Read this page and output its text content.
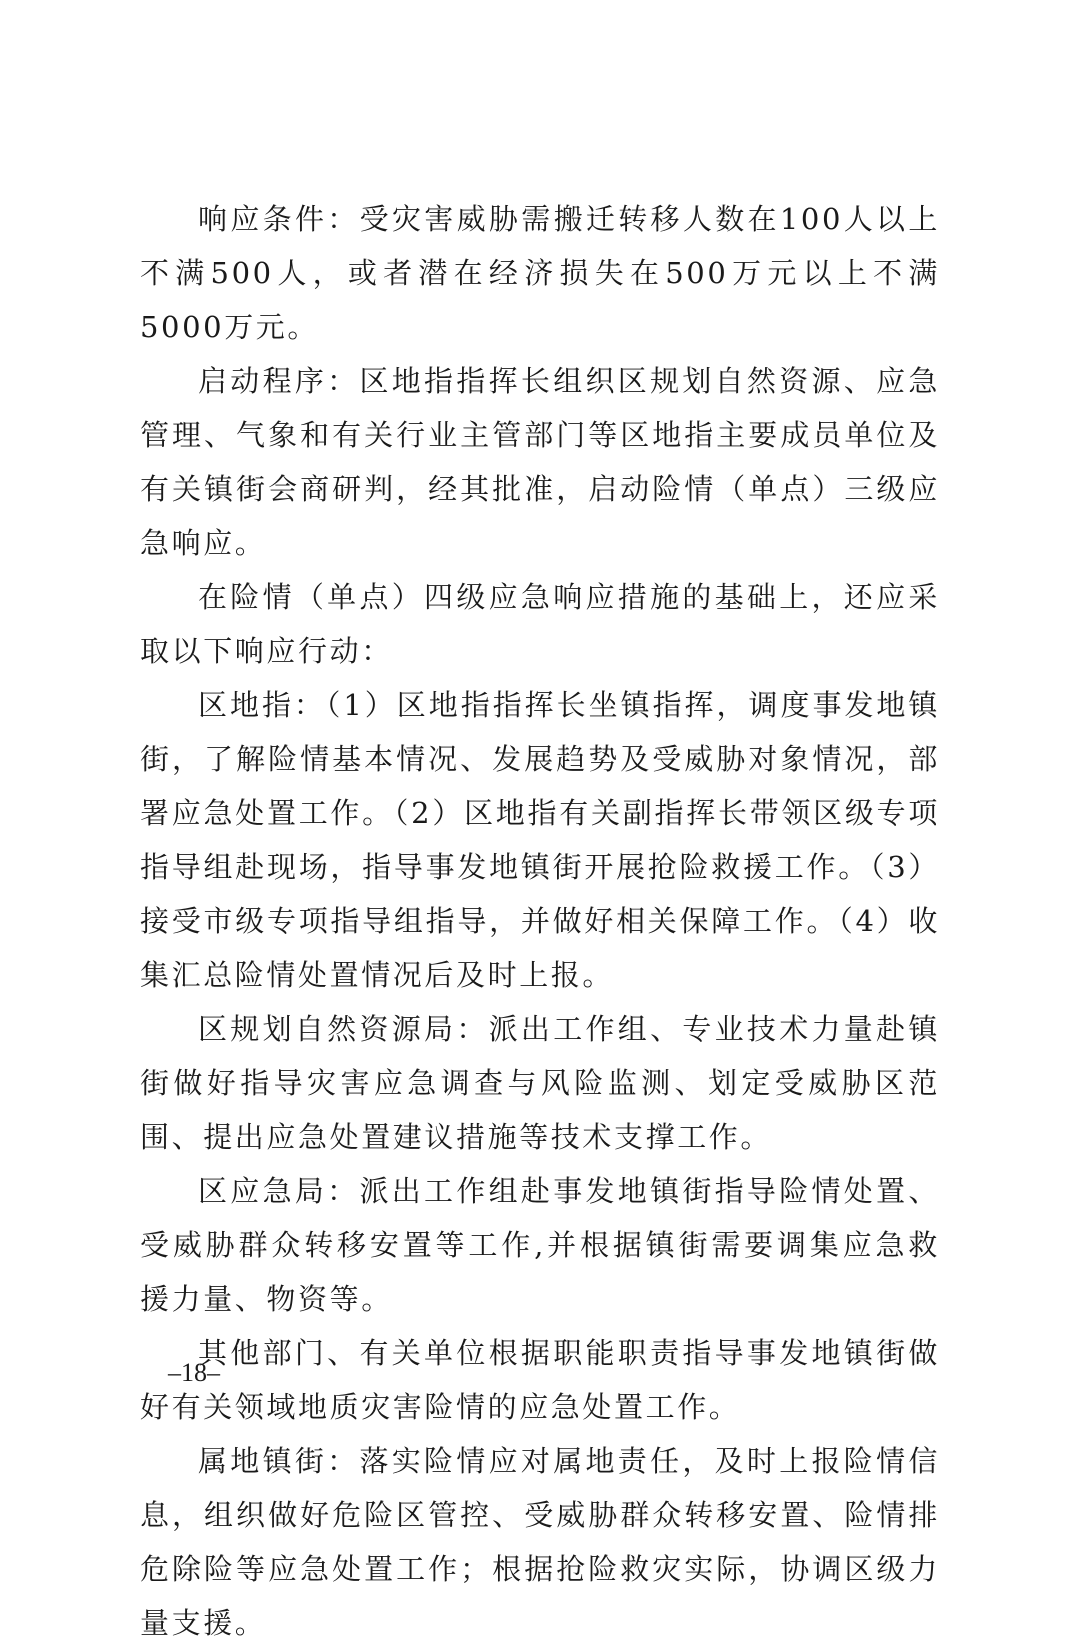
响应条件：受灾害威胁需搬迁转移人数在100人以上不满500人，或者潜在经济损失在500万元以上不满5000万元。

启动程序：区地指指挥长组织区规划自然资源、应急管理、气象和有关行业主管部门等区地指主要成员单位及有关镇街会商研判，经其批准，启动险情（单点）三级应急响应。

在险情（单点）四级应急响应措施的基础上，还应采取以下响应行动：

区地指：（1）区地指指挥长坐镇指挥，调度事发地镇街，了解险情基本情况、发展趋势及受威胁对象情况，部署应急处置工作。（2）区地指有关副指挥长带领区级专项指导组赴现场，指导事发地镇街开展抢险救援工作。（3）接受市级专项指导组指导，并做好相关保障工作。（4）收集汇总险情处置情况后及时上报。

区规划自然资源局：派出工作组、专业技术力量赴镇街做好指导灾害应急调查与风险监测、划定受威胁区范围、提出应急处置建议措施等技术支撑工作。

区应急局：派出工作组赴事发地镇街指导险情处置、受威胁群众转移安置等工作,并根据镇街需要调集应急救援力量、物资等。

其他部门、有关单位根据职能职责指导事发地镇街做好有关领域地质灾害险情的应急处置工作。

属地镇街：落实险情应对属地责任，及时上报险情信息，组织做好危险区管控、受威胁群众转移安置、险情排危除险等应急处置工作；根据抢险救灾实际，协调区级力量支援。

–18–
